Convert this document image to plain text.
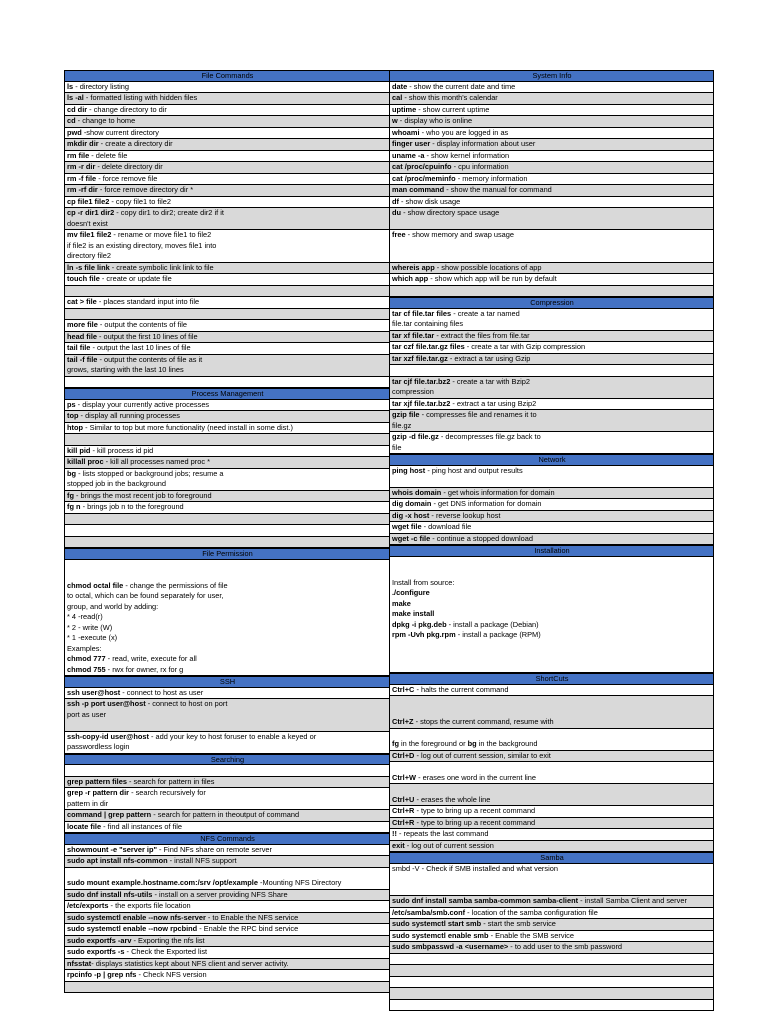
File Commands
ls - directory listing
ls -al - formatted listing with hidden files
cd dir - change directory to dir
cd - change to home
pwd -show current directory
mkdir dir - create a directory dir
rm file - delete file
rm -r dir - delete directory dir
rm -f file - force remove file
rm -rf dir - force remove directory dir *
cp file1 file2 - copy file1 to file2
cp -r dir1 dir2 - copy dir1 to dir2; create dir2 if it
doesn't exist
mv file1 file2 - rename or move file1 to file2
if file2 is an existing directory, moves file1 into
directory file2
ln -s file link - create symbolic link link to file
touch file - create or update file
cat > file - places standard input into file
more file - output the contents of file
head file - output the first 10 lines of file
tail file - output the last 10 lines of file
tail -f file - output the contents of file as it
grows, starting with the last 10 lines
Process Management
ps - display your currently active processes
top - display all running processes
htop - Similar to top but more functionality (need install in some dist.)
kill pid - kill process id pid
killall proc - kill all processes named proc *
bg - lists stopped or background jobs; resume a
stopped job in the background
fg - brings the most recent job to foreground
fg n - brings job n to the foreground
File Permission
chmod octal file - change the permissions of file
to octal, which can be found separately for user,
group, and world by adding:
* 4 -read(r)
* 2 - write (W)
* 1 -execute (x)
Examples:
chmod 777 - read, write, execute for all
chmod 755 - rwx for owner, rx for g
SSH
ssh user@host - connect to host as user
ssh -p port user@host - connect to host on port
port as user
ssh-copy-id user@host - add your key to host foruser to enable a keyed or
passwordless login
Searching
grep pattern files - search for pattern in files
grep -r pattern dir - search recursively for
pattern in dir
command | grep pattern - search for pattern in theoutput of command
locate file - find all instances of file
NFS Commands
showmount -e "server ip" - Find NFs share on remote server
sudo apt install nfs-common - install NFS support
sudo mount example.hostname.com:/srv /opt/example -Mounting NFS Directory
sudo dnf install nfs-utils - install on a server providing NFS Share
/etc/exports - the exports file location
sudo systemctl enable --now nfs-server - to Enable the NFS service
sudo systemctl enable --now rpcbind - Enable the RPC bind service
sudo exportfs -arv - Exporting the nfs list
sudo exportfs -s - Check the Exported list
nfsstat- displays statistics kept about NFS client and server activity.
rpcinfo -p | grep nfs - Check NFS version
System Info
date - show the current date and time
cal - show this month's calendar
uptime - show current uptime
w - display who is online
whoami - who you are logged in as
finger user - display information about user
uname -a - show kernel information
cat /proc/cpuinfo - cpu information
cat /proc/meminfo - memory information
man command - show the manual for command
df - show disk usage
du - show directory space usage
free - show memory and swap usage
whereis app - show possible locations of app
which app - show which app will be run by default
Compression
tar cf file.tar files - create a tar named
file.tar containing files
tar xf file.tar - extract the files from file.tar
tar czf file.tar.gz files - create a tar with Gzip compression
tar xzf file.tar.gz - extract a tar using Gzip
tar cjf file.tar.bz2 - create a tar with Bzip2
compression
tar xjf file.tar.bz2 - extract a tar using Bzip2
gzip file - compresses file and renames it to
file.gz
gzip -d file.gz - decompresses file.gz back to
file
Network
ping host - ping host and output results
whois domain - get whois information for domain
dig domain - get DNS information for domain
dig -x host - reverse lookup host
wget file - download file
wget -c file - continue a stopped download
Installation
Install from source:
./configure
make
make install
dpkg -i pkg.deb - install a package (Debian)
rpm -Uvh pkg.rpm - install a package (RPM)
ShortCuts
Ctrl+C - halts the current command
Ctrl+Z - stops the current command, resume with
fg in the foreground or bg in the background
Ctrl+D - log out of current session, similar to exit
Ctrl+W - erases one word in the current line
Ctrl+U - erases the whole line
Ctrl+R - type to bring up a recent command
Ctrl+R - type to bring up a recent command
!! - repeats the last command
exit - log out of current session
Samba
smbd -V - Check if SMB installed and what version
sudo dnf install samba samba-common samba-client - install Samba Client and server
/etc/samba/smb.conf - location of the samba configuration file
sudo systemctl start smb - start the smb service
sudo systemctl enable smb - Enable the SMB service
sudo smbpasswd -a <username> - to add user to the smb password
